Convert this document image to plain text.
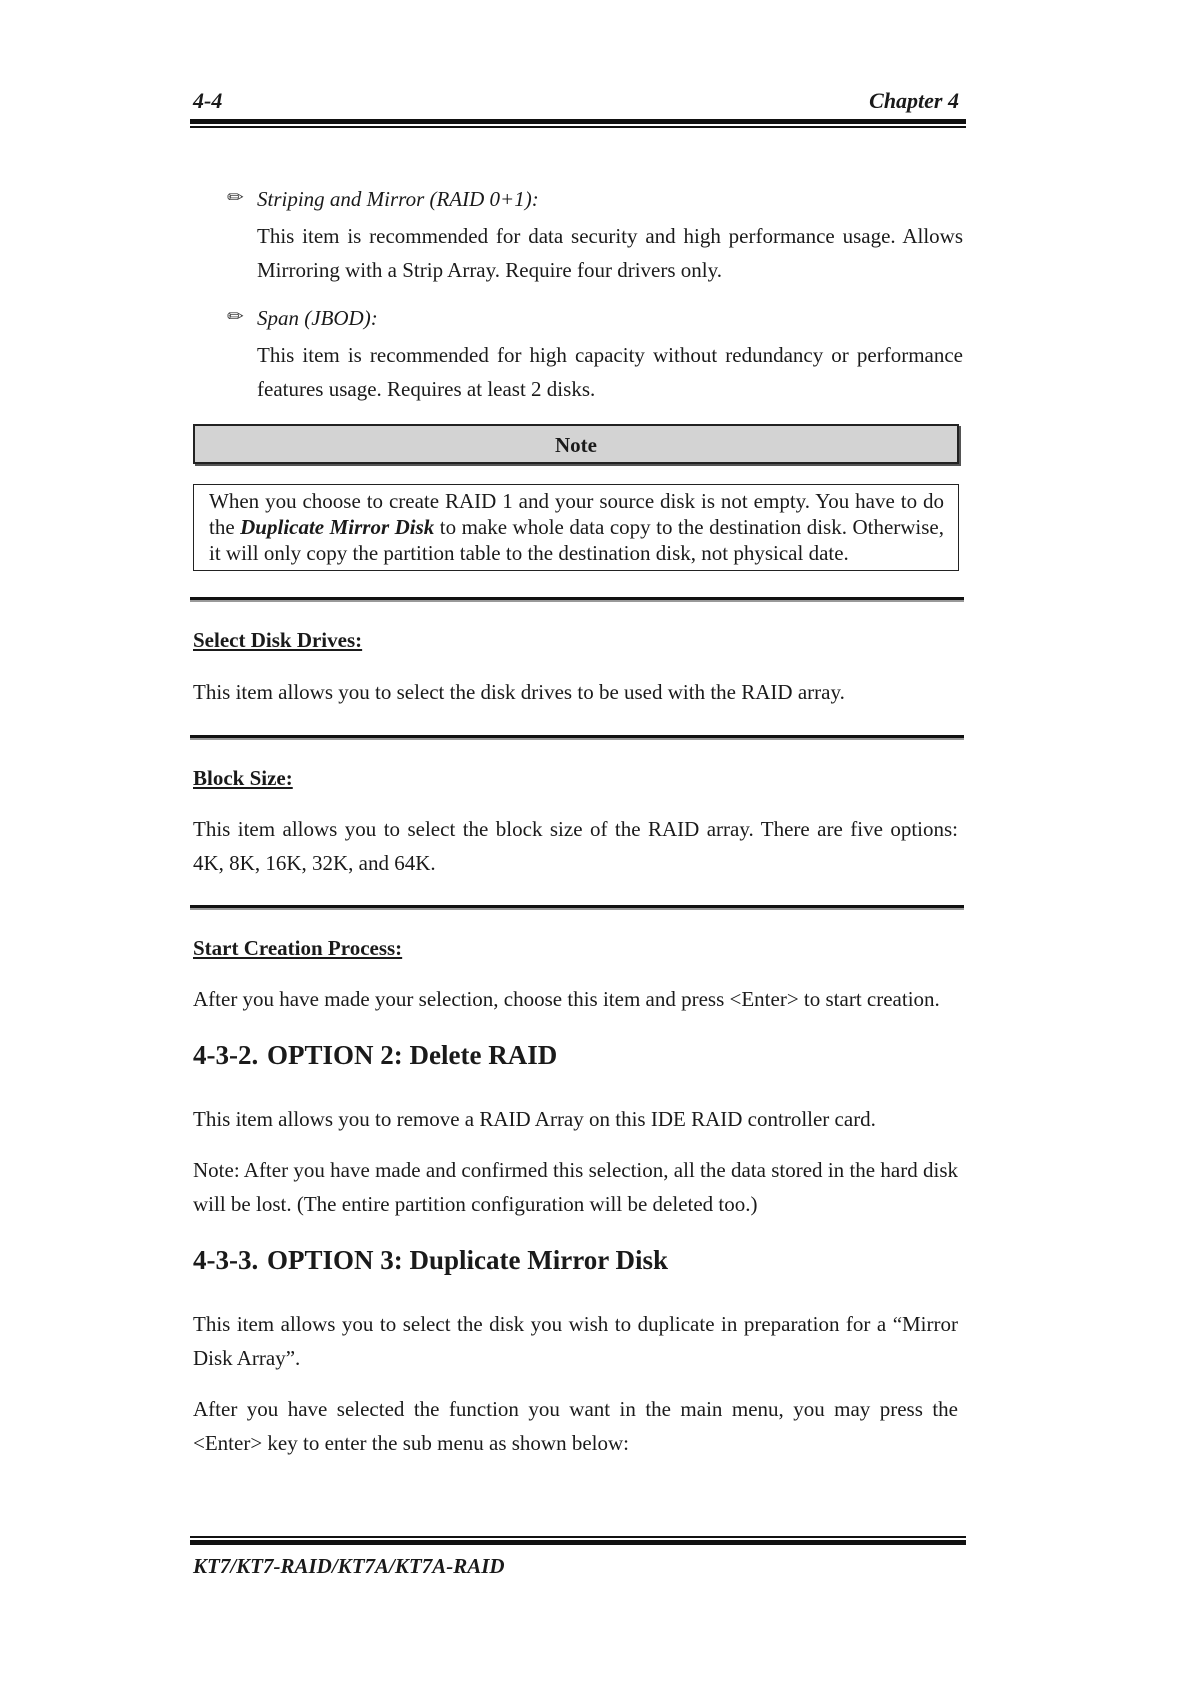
4-4	Chapter 4
✏ Striping and Mirror (RAID 0+1):
This item is recommended for data security and high performance usage. Allows Mirroring with a Strip Array. Require four drivers only.
✏ Span (JBOD):
This item is recommended for high capacity without redundancy or performance features usage. Requires at least 2 disks.
Note
When you choose to create RAID 1 and your source disk is not empty. You have to do the Duplicate Mirror Disk to make whole data copy to the destination disk. Otherwise, it will only copy the partition table to the destination disk, not physical date.
Select Disk Drives:
This item allows you to select the disk drives to be used with the RAID array.
Block Size:
This item allows you to select the block size of the RAID array. There are five options: 4K, 8K, 16K, 32K, and 64K.
Start Creation Process:
After you have made your selection, choose this item and press <Enter> to start creation.
4-3-2. OPTION 2: Delete RAID
This item allows you to remove a RAID Array on this IDE RAID controller card.
Note: After you have made and confirmed this selection, all the data stored in the hard disk will be lost. (The entire partition configuration will be deleted too.)
4-3-3. OPTION 3: Duplicate Mirror Disk
This item allows you to select the disk you wish to duplicate in preparation for a “Mirror Disk Array”.
After you have selected the function you want in the main menu, you may press the <Enter> key to enter the sub menu as shown below:
KT7/KT7-RAID/KT7A/KT7A-RAID
